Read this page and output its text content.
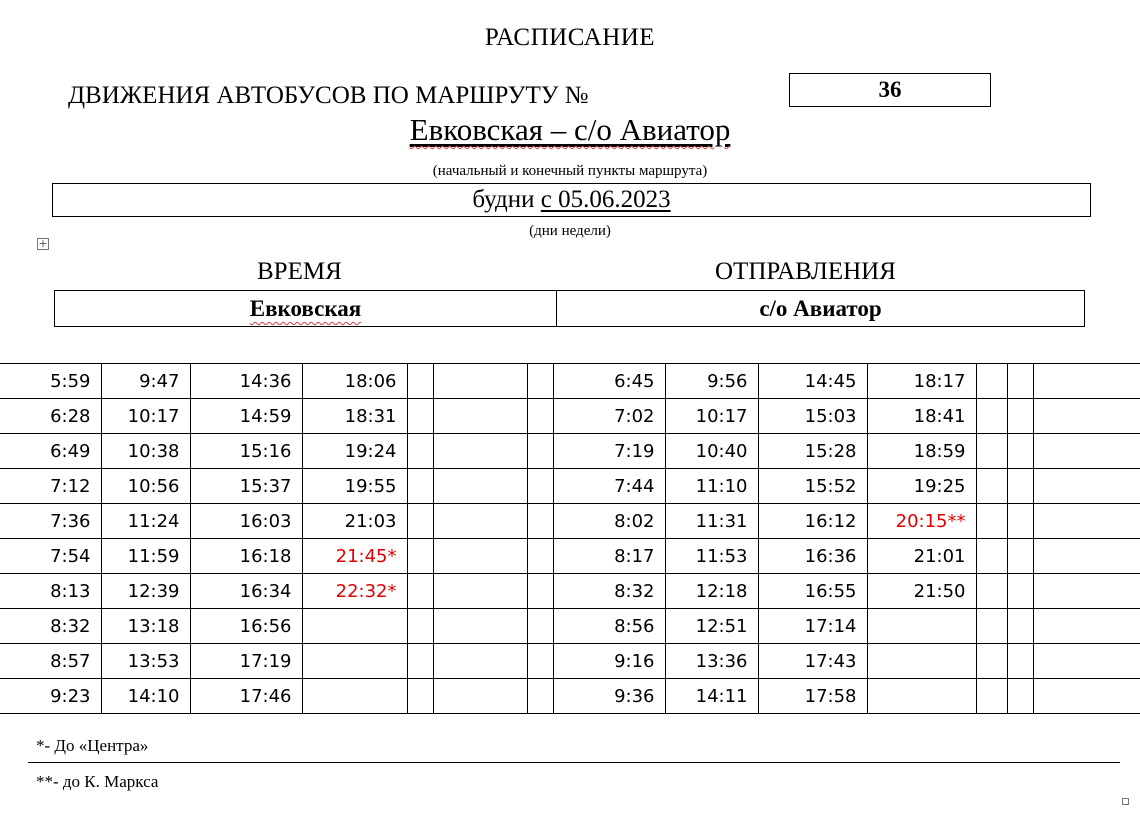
РАСПИСАНИЕ
ДВИЖЕНИЯ АВТОБУСОВ ПО МАРШРУТУ №	36
Евковская – с/о Авиатор
(начальный и конечный пункты маршрута)
будни с 05.06.2023
(дни недели)
+
ВРЕМЯ	ОТПРАВЛЕНИЯ
Евковская	с/о Авиатор
5:59	9:47	14:36	18:06				6:45	9:56	14:45	18:17			
6:28	10:17	14:59	18:31				7:02	10:17	15:03	18:41			
6:49	10:38	15:16	19:24				7:19	10:40	15:28	18:59			
7:12	10:56	15:37	19:55				7:44	11:10	15:52	19:25			
7:36	11:24	16:03	21:03				8:02	11:31	16:12	20:15**			
7:54	11:59	16:18	21:45*				8:17	11:53	16:36	21:01			
8:13	12:39	16:34	22:32*				8:32	12:18	16:55	21:50			
8:32	13:18	16:56					8:56	12:51	17:14				
8:57	13:53	17:19					9:16	13:36	17:43				
9:23	14:10	17:46					9:36	14:11	17:58				
*- До «Центра»
**- до К. Маркса
